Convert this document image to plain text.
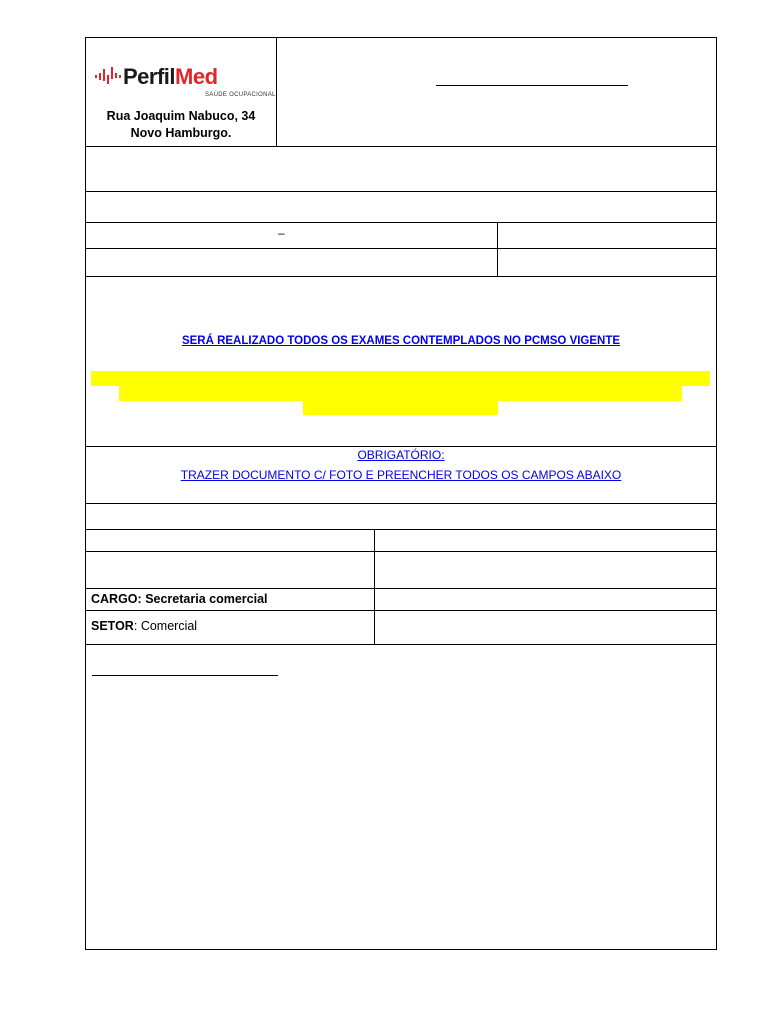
PerfilMed
SAÚDE OCUPACIONAL
Rua Joaquim Nabuco, 34
Novo Hamburgo.
–
SERÁ REALIZADO TODOS OS EXAMES CONTEMPLADOS NO PCMSO VIGENTE
OBRIGATÓRIO:
TRAZER DOCUMENTO C/ FOTO E PREENCHER TODOS OS CAMPOS ABAIXO
CARGO: Secretaria comercial
SETOR: Comercial
